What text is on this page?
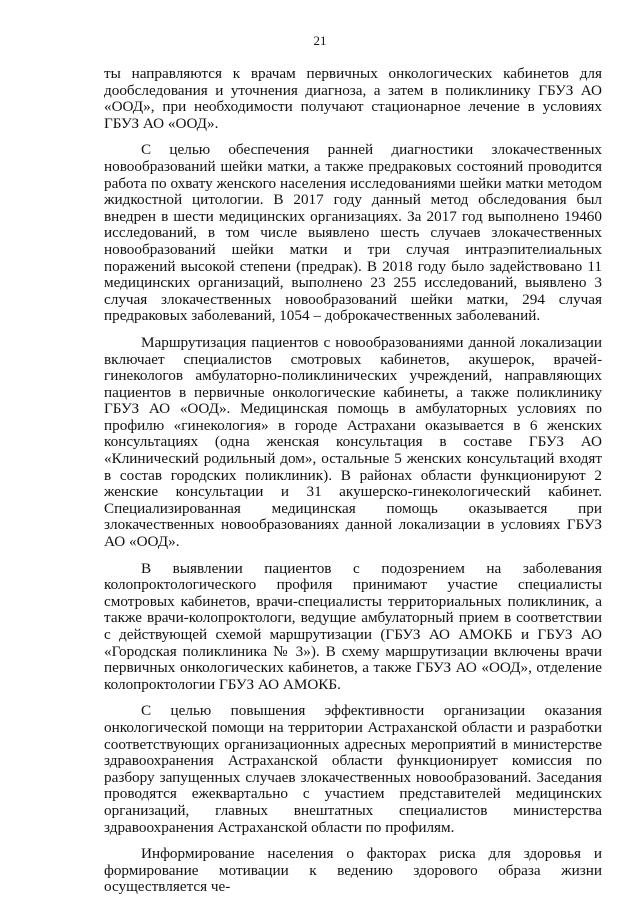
21

ты направляются к врачам первичных онкологических кабинетов для дообследования и уточнения диагноза, а затем в поликлинику ГБУЗ АО «ООД», при необходимости получают стационарное лечение в условиях ГБУЗ АО «ООД».

С целью обеспечения ранней диагностики злокачественных новообразований шейки матки, а также предраковых состояний проводится работа по охвату женского населения исследованиями шейки матки методом жидкостной цитологии. В 2017 году данный метод обследования был внедрен в шести медицинских организациях. За 2017 год выполнено 19460 исследований, в том числе выявлено шесть случаев злокачественных новообразований шейки матки и три случая интраэпителиальных поражений высокой степени (предрак). В 2018 году было задействовано 11 медицинских организаций, выполнено 23 255 исследований, выявлено 3 случая злокачественных новообразований шейки матки, 294 случая предраковых заболеваний, 1054 – доброкачественных заболеваний.

Маршрутизация пациентов с новообразованиями данной локализации включает специалистов смотровых кабинетов, акушерок, врачей-гинекологов амбулаторно-поликлинических учреждений, направляющих пациентов в первичные онкологические кабинеты, а также поликлинику ГБУЗ АО «ООД». Медицинская помощь в амбулаторных условиях по профилю «гинекология» в городе Астрахани оказывается в 6 женских консультациях (одна женская консультация в составе ГБУЗ АО «Клинический родильный дом», остальные 5 женских консультаций входят в состав городских поликлиник). В районах области функционируют 2 женские консультации и 31 акушерско-гинекологический кабинет. Специализированная медицинская помощь оказывается при злокачественных новообразованиях данной локализации в условиях ГБУЗ АО «ООД».

В выявлении пациентов с подозрением на заболевания колопроктологического профиля принимают участие специалисты смотровых кабинетов, врачи-специалисты территориальных поликлиник, а также врачи-колопроктологи, ведущие амбулаторный прием в соответствии с действующей схемой маршрутизации (ГБУЗ АО АМОКБ и ГБУЗ АО «Городская поликлиника № 3»). В схему маршрутизации включены врачи первичных онкологических кабинетов, а также ГБУЗ АО «ООД», отделение колопроктологии ГБУЗ АО АМОКБ.

С целью повышения эффективности организации оказания онкологической помощи на территории Астраханской области и разработки соответствующих организационных адресных мероприятий в министерстве здравоохранения Астраханской области функционирует комиссия по разбору запущенных случаев злокачественных новообразований. Заседания проводятся ежеквартально с участием представителей медицинских организаций, главных внештатных специалистов министерства здравоохранения Астраханской области по профилям.

Информирование населения о факторах риска для здоровья и формирование мотивации к ведению здорового образа жизни осуществляется че-
